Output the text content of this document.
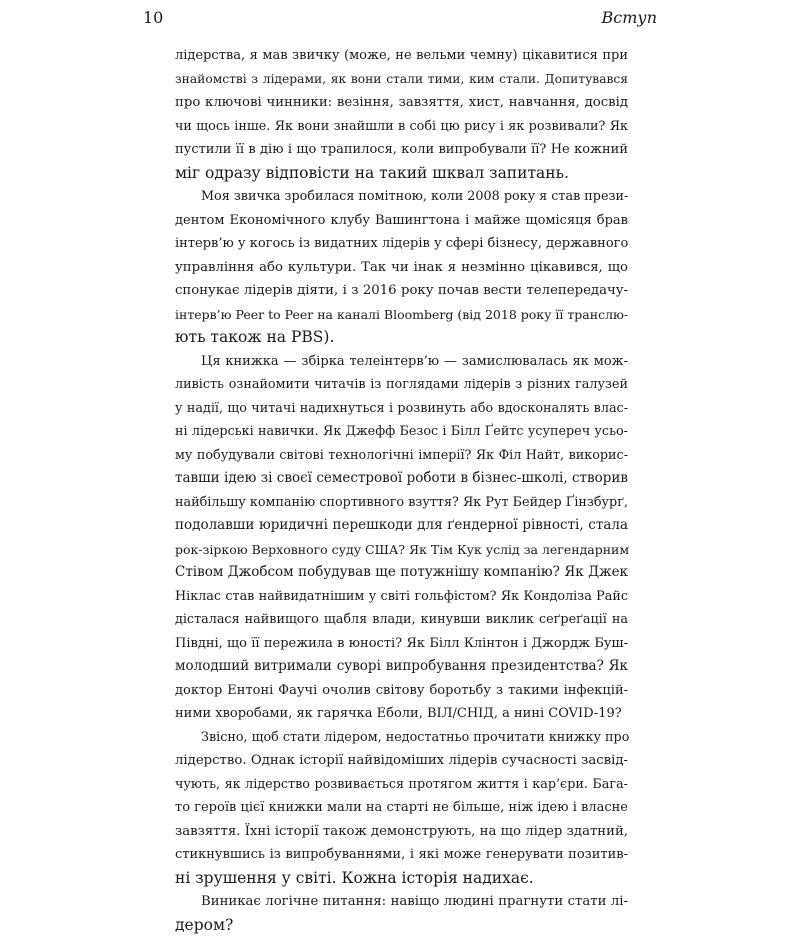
10	Вступ
лідерства, я мав звичку (може, не вельми чемну) цікавитися при
знайомстві з лідерами, як вони стали тими, ким стали. Допитувався
про ключові чинники: везіння, завзяття, хист, навчання, досвід
чи щось інше. Як вони знайшли в собі цю рису і як розвивали? Як
пустили її в дію і що трапилося, коли випробували її? Не кожний
міг одразу відповісти на такий шквал запитань.
Моя звичка зробилася помітною, коли 2008 року я став прези-
дентом Економічного клубу Вашингтона і майже щомісяця брав
інтерв’ю у когось із видатних лідерів у сфері бізнесу, державного
управління або культури. Так чи інак я незмінно цікавився, що
спонукає лідерів діяти, і з 2016 року почав вести телепередачу-
інтерв’ю Peer to Peer на каналі Bloomberg (від 2018 року її транслю-
ють також на PBS).
Ця книжка — збірка телеінтерв’ю — замислювалась як мож-
ливість ознайомити читачів із поглядами лідерів з різних галузей
у надії, що читачі надихнуться і розвинуть або вдосконалять влас-
ні лідерські навички. Як Джефф Безос і Білл Ґейтс усупереч усьо-
му побудували світові технологічні імперії? Як Філ Найт, викорис-
тавши ідею зі своєї семестрової роботи в бізнес-школі, створив
найбільшу компанію спортивного взуття? Як Рут Бейдер Ґінзбурґ,
подолавши юридичні перешкоди для ґендерної рівності, стала
рок-зіркою Верховного суду США? Як Тім Кук услід за легендарним
Стівом Джобсом побудував ще потужнішу компанію? Як Джек
Ніклас став найвидатнішим у світі гольфістом? Як Кондоліза Райс
дісталася найвищого щабля влади, кинувши виклик сеґреґації на
Півдні, що її пережила в юності? Як Білл Клінтон і Джордж Буш-
молодший витримали суворі випробування президентства? Як
доктор Ентоні Фаучі очолив світову боротьбу з такими інфекцій-
ними хворобами, як гарячка Еболи, ВІЛ/СНІД, а нині COVID-19?
Звісно, щоб стати лідером, недостатньо прочитати книжку про
лідерство. Однак історії найвідоміших лідерів сучасності засвід-
чують, як лідерство розвивається протягом життя і кар’єри. Бага-
то героїв цієї книжки мали на старті не більше, ніж ідею і власне
завзяття. Їхні історії також демонструють, на що лідер здатний,
стикнувшись із випробуваннями, і які може генерувати позитив-
ні зрушення у світі. Кожна історія надихає.
Виникає логічне питання: навіщо людині прагнути стати лі-
дером?
